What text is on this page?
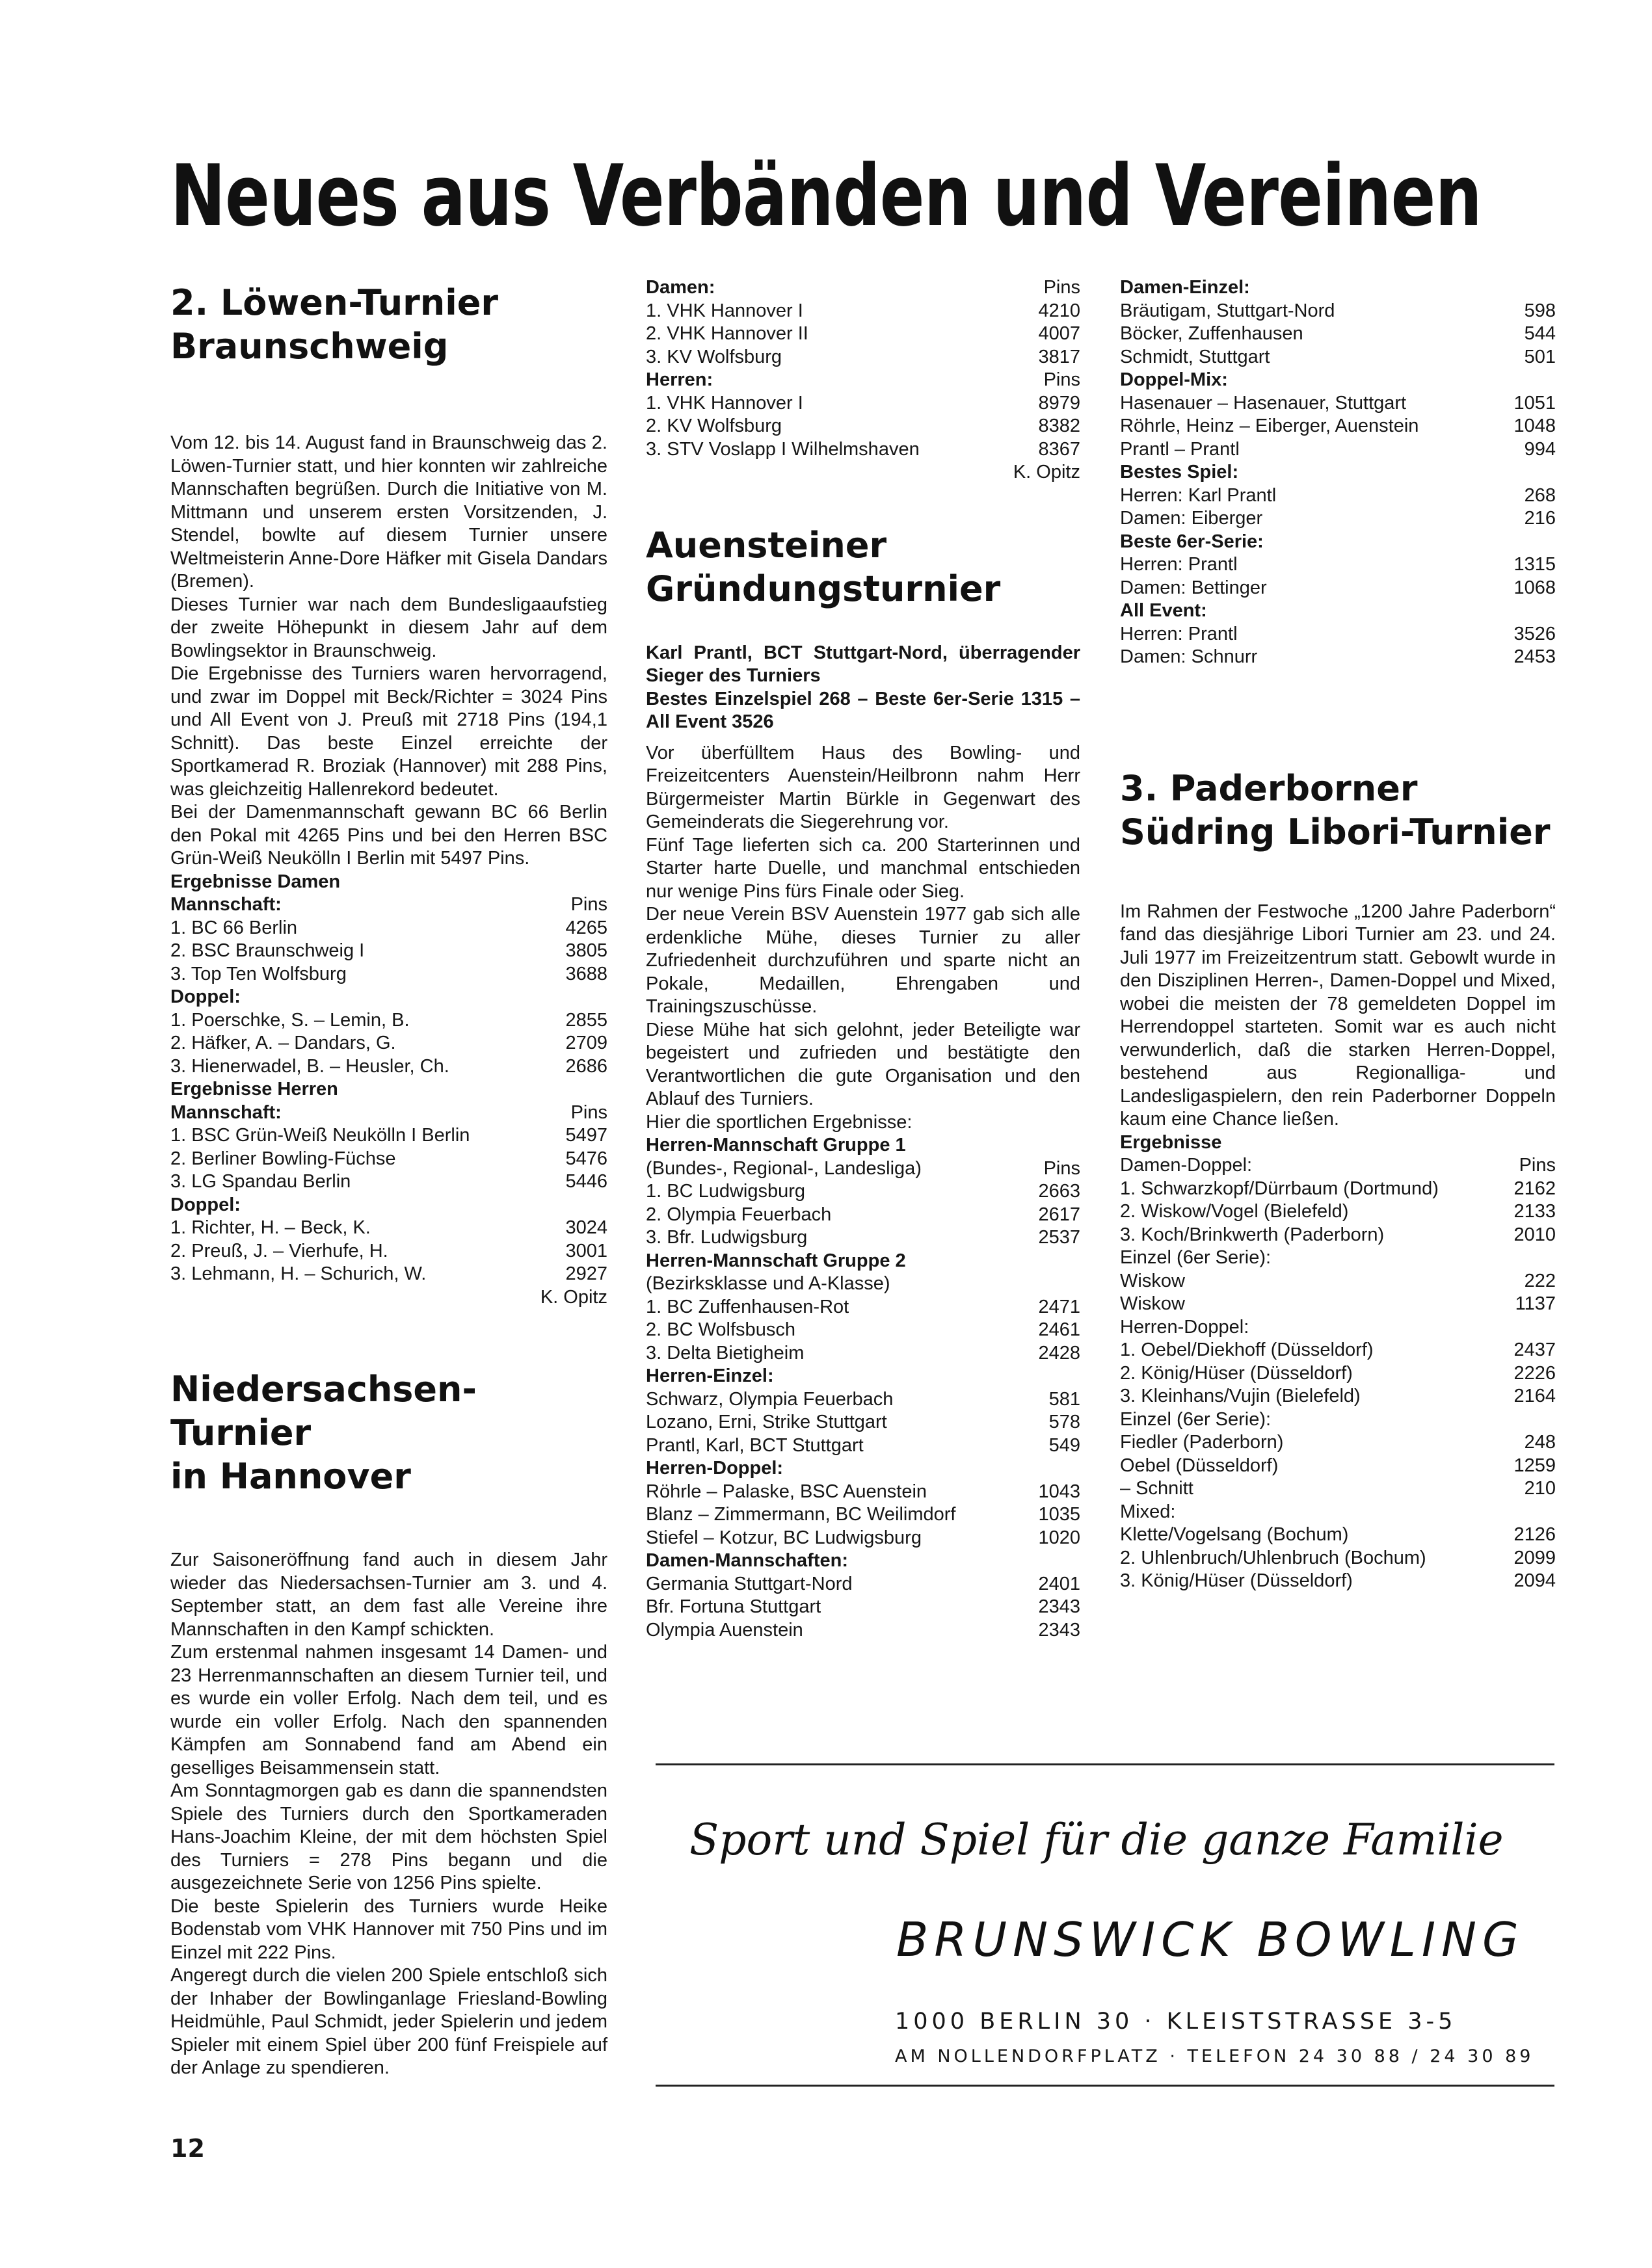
Neues aus Verbänden und Vereinen
2. Löwen-Turnier
Braunschweig

Vom 12. bis 14. August fand in Braunschweig das 2. Löwen-Turnier statt, und hier konnten wir zahlreiche Mannschaften begrüßen. Durch die Initiative von M. Mittmann und unserem ersten Vorsitzenden, J. Stendel, bowlte auf diesem Turnier unsere Weltmeisterin Anne-Dore Häfker mit Gisela Dandars (Bremen).

Dieses Turnier war nach dem Bundesligaaufstieg der zweite Höhepunkt in diesem Jahr auf dem Bowlingsektor in Braunschweig.

Die Ergebnisse des Turniers waren hervorragend, und zwar im Doppel mit Beck/Richter = 3024 Pins und All Event von J. Preuß mit 2718 Pins (194,1 Schnitt). Das beste Einzel erreichte der Sportkamerad R. Broziak (Hannover) mit 288 Pins, was gleichzeitig Hallenrekord bedeutet.

Bei der Damenmannschaft gewann BC 66 Berlin den Pokal mit 4265 Pins und bei den Herren BSC Grün-Weiß Neukölln I Berlin mit 5497 Pins.

Ergebnisse Damen
Mannschaft:	Pins
1. BC 66 Berlin	4265
2. BSC Braunschweig I	3805
3. Top Ten Wolfsburg	3688
Doppel:
1. Poerschke, S. – Lemin, B.	2855
2. Häfker, A. – Dandars, G.	2709
3. Hienerwadel, B. – Heusler, Ch.	2686
Ergebnisse Herren
Mannschaft:	Pins
1. BSC Grün-Weiß Neukölln I Berlin	5497
2. Berliner Bowling-Füchse	5476
3. LG Spandau Berlin	5446
Doppel:
1. Richter, H. – Beck, K.	3024
2. Preuß, J. – Vierhufe, H.	3001
3. Lehmann, H. – Schurich, W.	2927
K. Opitz
Niedersachsen-Turnier
in Hannover

Zur Saisoneröffnung fand auch in diesem Jahr wieder das Niedersachsen-Turnier am 3. und 4. September statt, an dem fast alle Vereine ihre Mannschaften in den Kampf schickten.

Zum erstenmal nahmen insgesamt 14 Damen- und 23 Herrenmannschaften an diesem Turnier teil, und es wurde ein voller Erfolg. Nach dem teil, und es wurde ein voller Erfolg. Nach den spannenden Kämpfen am Sonnabend fand am Abend ein geselliges Beisammensein statt.

Am Sonntagmorgen gab es dann die spannendsten Spiele des Turniers durch den Sportkameraden Hans-Joachim Kleine, der mit dem höchsten Spiel des Turniers = 278 Pins begann und die ausgezeichnete Serie von 1256 Pins spielte.

Die beste Spielerin des Turniers wurde Heike Bodenstab vom VHK Hannover mit 750 Pins und im Einzel mit 222 Pins.

Angeregt durch die vielen 200 Spiele entschloß sich der Inhaber der Bowlinganlage Friesland-Bowling Heidmühle, Paul Schmidt, jeder Spielerin und jedem Spieler mit einem Spiel über 200 fünf Freispiele auf der Anlage zu spendieren.

Damen:	Pins
1. VHK Hannover I	4210
2. VHK Hannover II	4007
3. KV Wolfsburg	3817
Herren:	Pins
1. VHK Hannover I	8979
2. KV Wolfsburg	8382
3. STV Voslapp I Wilhelmshaven	8367
K. Opitz
Auensteiner
Gründungsturnier

Karl Prantl, BCT Stuttgart-Nord, überragender Sieger des Turniers

Bestes Einzelspiel 268 – Beste 6er-Serie 1315 – All Event 3526

Vor überfülltem Haus des Bowling- und Freizeitcenters Auenstein/Heilbronn nahm Herr Bürgermeister Martin Bürkle in Gegenwart des Gemeinderats die Siegerehrung vor.

Fünf Tage lieferten sich ca. 200 Starterinnen und Starter harte Duelle, und manchmal entschieden nur wenige Pins fürs Finale oder Sieg.

Der neue Verein BSV Auenstein 1977 gab sich alle erdenkliche Mühe, dieses Turnier zu aller Zufriedenheit durchzuführen und sparte nicht an Pokale, Medaillen, Ehrengaben und Trainingszuschüsse.

Diese Mühe hat sich gelohnt, jeder Beteiligte war begeistert und zufrieden und bestätigte den Verantwortlichen die gute Organisation und den Ablauf des Turniers.

Hier die sportlichen Ergebnisse:

Herren-Mannschaft Gruppe 1
(Bundes-, Regional-, Landesliga)	Pins
1. BC Ludwigsburg	2663
2. Olympia Feuerbach	2617
3. Bfr. Ludwigsburg	2537
Herren-Mannschaft Gruppe 2
(Bezirksklasse und A-Klasse)
1. BC Zuffenhausen-Rot	2471
2. BC Wolfsbusch	2461
3. Delta Bietigheim	2428
Herren-Einzel:
Schwarz, Olympia Feuerbach	581
Lozano, Erni, Strike Stuttgart	578
Prantl, Karl, BCT Stuttgart	549
Herren-Doppel:
Röhrle – Palaske, BSC Auenstein	1043
Blanz – Zimmermann, BC Weilimdorf	1035
Stiefel – Kotzur, BC Ludwigsburg	1020
Damen-Mannschaften:
Germania Stuttgart-Nord	2401
Bfr. Fortuna Stuttgart	2343
Olympia Auenstein	2343
Damen-Einzel:
Bräutigam, Stuttgart-Nord	598
Böcker, Zuffenhausen	544
Schmidt, Stuttgart	501
Doppel-Mix:
Hasenauer – Hasenauer, Stuttgart	1051
Röhrle, Heinz – Eiberger, Auenstein	1048
Prantl – Prantl	994
Bestes Spiel:
Herren: Karl Prantl	268
Damen: Eiberger	216
Beste 6er-Serie:
Herren: Prantl	1315
Damen: Bettinger	1068
All Event:
Herren: Prantl	3526
Damen: Schnurr	2453
3. Paderborner
Südring Libori-Turnier

Im Rahmen der Festwoche „1200 Jahre Paderborn“ fand das diesjährige Libori Turnier am 23. und 24. Juli 1977 im Freizeitzentrum statt. Gebowlt wurde in den Disziplinen Herren-, Damen-Doppel und Mixed, wobei die meisten der 78 gemeldeten Doppel im Herrendoppel starteten. Somit war es auch nicht verwunderlich, daß die starken Herren-Doppel, bestehend aus Regionalliga- und Landesligaspielern, den rein Paderborner Doppeln kaum eine Chance ließen.

Ergebnisse
Damen-Doppel:	Pins
1. Schwarzkopf/Dürrbaum (Dortmund)	2162
2. Wiskow/Vogel (Bielefeld)	2133
3. Koch/Brinkwerth (Paderborn)	2010
Einzel (6er Serie):
Wiskow	222
Wiskow	1137
Herren-Doppel:
1. Oebel/Diekhoff (Düsseldorf)	2437
2. König/Hüser (Düsseldorf)	2226
3. Kleinhans/Vujin (Bielefeld)	2164
Einzel (6er Serie):
Fiedler (Paderborn)	248
Oebel (Düsseldorf)	1259
– Schnitt	210
Mixed:
Klette/Vogelsang (Bochum)	2126
2. Uhlenbruch/Uhlenbruch (Bochum)	2099
3. König/Hüser (Düsseldorf)	2094
Sport und Spiel für die ganze Familie
BRUNSWICK BOWLING
1000 BERLIN 30 · KLEISTSTRASSE 3-5
AM NOLLENDORFPLATZ · TELEFON 24 30 88 / 24 30 89
12
